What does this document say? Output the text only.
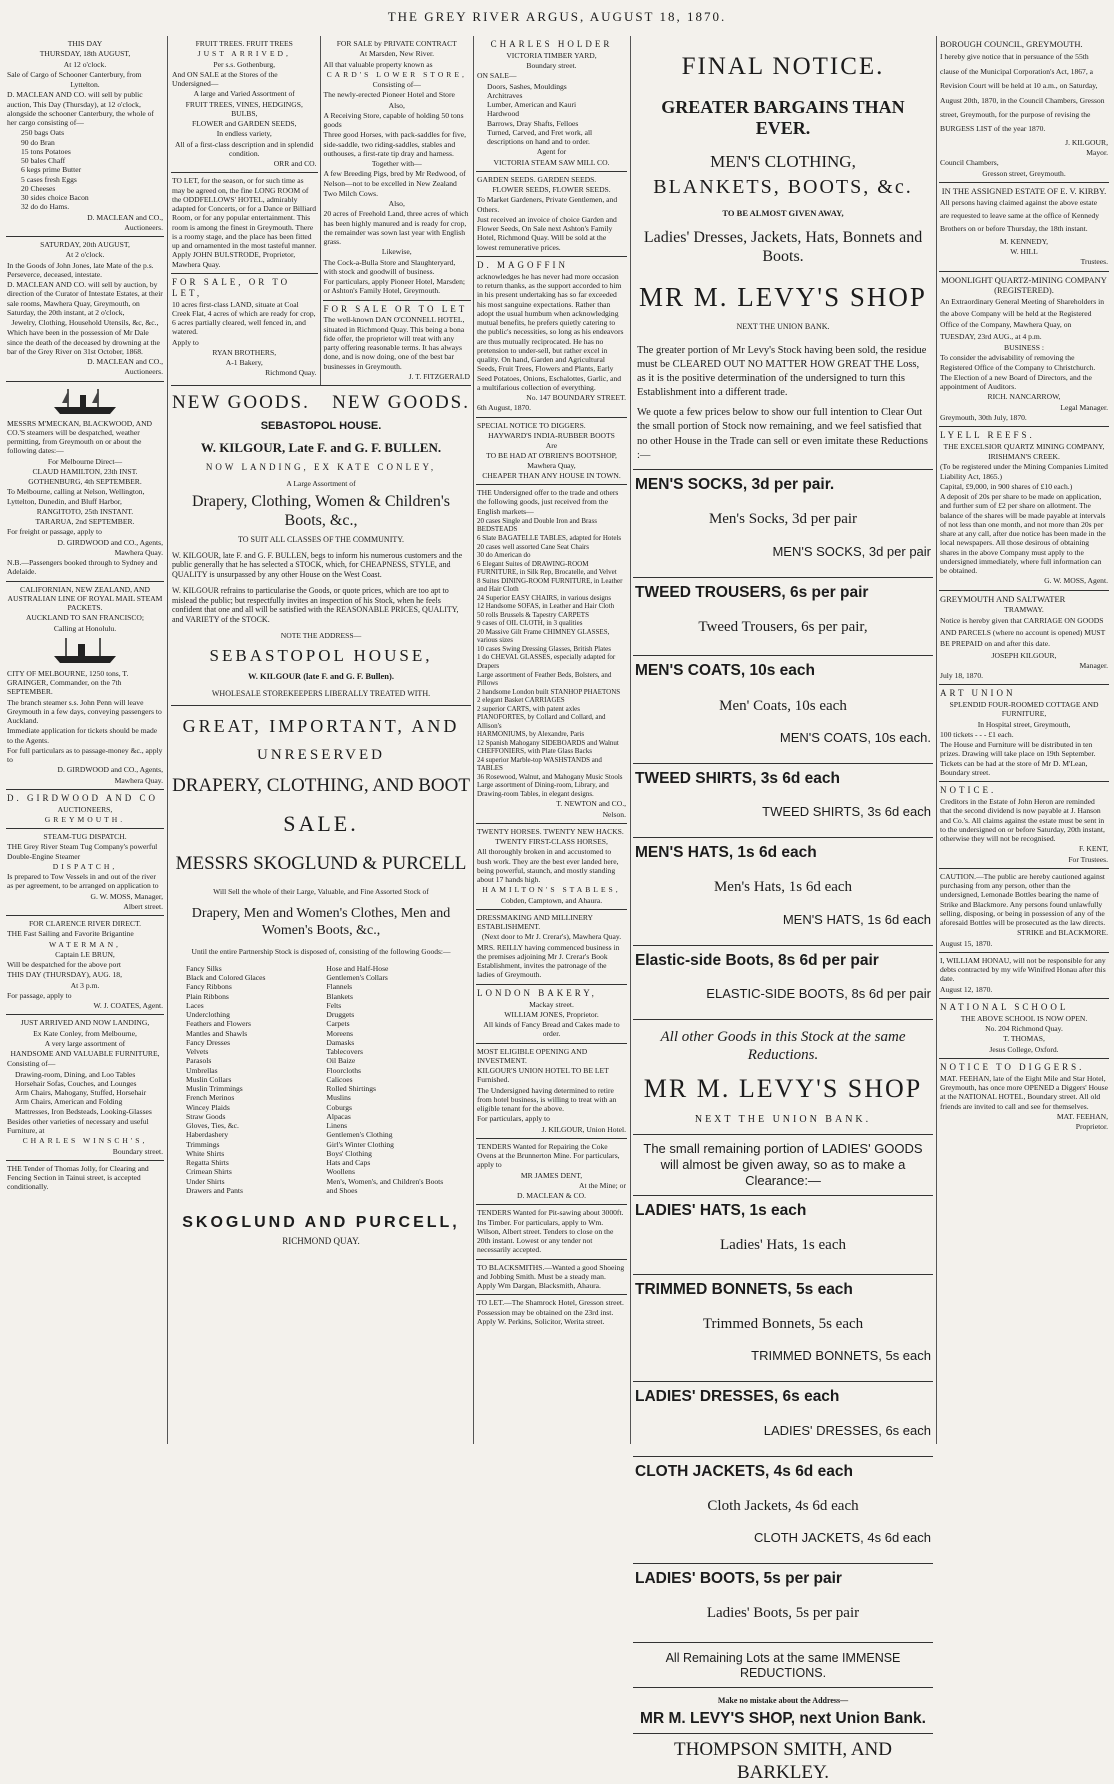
THE GREY RIVER ARGUS, AUGUST 18, 1870.

THIS DAY

THURSDAY, 18th AUGUST,

At 12 o'clock.

Sale of Cargo of Schooner Canterbury, from

Lyttelton.

D. MACLEAN AND CO. will sell by public auction, This Day (Thursday), at 12 o'clock, alongside the schooner Canterbury, the whole of her cargo consisting of—

250 bags Oats

90 do Bran

15 tons Potatoes

50 bales Chaff

6 kegs prime Butter

5 cases fresh Eggs

20 Cheeses

30 sides choice Bacon

32 do do Hams.

D. MACLEAN and CO.,

Auctioneers.

SATURDAY, 20th AUGUST,

At 2 o'clock.

In the Goods of John Jones, late Mate of the p.s. Perseverce, deceased, intestate.

D. MACLEAN AND CO. will sell by auction, by direction of the Curator of Intestate Estates, at their sale rooms, Mawhera Quay, Greymouth, on Saturday, the 20th instant, at 2 o'clock,

Jewelry, Clothing, Household Utensils, &c, &c.,

Which have been in the possession of Mr Dale since the death of the deceased by drowning at the bar of the Grey River on 31st October, 1868.

D. MACLEAN and CO.,

Auctioneers.

MESSRS M'MECKAN, BLACKWOOD, AND CO.'S steamers will be despatched, weather permitting, from Greymouth on or about the following dates:—

For Melbourne Direct—

CLAUD HAMILTON, 23th INST.

GOTHENBURG, 4th SEPTEMBER.

To Melbourne, calling at Nelson, Wellington, Lyttelton, Dunedin, and Bluff Harbor,

RANGITOTO, 25th INSTANT.

TARARUA, 2nd SEPTEMBER.

For freight or passage, apply to

D. GIRDWOOD and CO., Agents,

Mawhera Quay.

N.B.—Passengers booked through to Sydney and Adelaide.

CALIFORNIAN, NEW ZEALAND, AND AUSTRALIAN LINE OF ROYAL MAIL STEAM PACKETS.

AUCKLAND TO SAN FRANCISCO;

Calling at Honolulu.

CITY OF MELBOURNE, 1250 tons, T. GRAINGER, Commander, on the 7th SEPTEMBER.

The branch steamer s.s. John Penn will leave Greymouth in a few days, conveying passengers to Auckland.

Immediate application for tickets should be made to the Agents.

For full particulars as to passage-money &c., apply to

D. GIRDWOOD and CO., Agents,

Mawhera Quay.

D. GIRDWOOD AND CO

AUCTIONEERS,

GREYMOUTH.

STEAM-TUG DISPATCH.

THE Grey River Steam Tug Company's powerful Double-Engine Steamer

DISPATCH,

Is prepared to Tow Vessels in and out of the river as per agreement, to be arranged on application to

G. W. MOSS, Manager,

Albert street.

FOR CLARENCE RIVER DIRECT.

THE Fast Sailing and Favorite Brigantine

WATERMAN,

Captain LE BRUN,

Will be despatched for the above port

THIS DAY (THURSDAY), AUG. 18,

At 3 p.m.

For passage, apply to

W. J. COATES, Agent.

JUST ARRIVED AND NOW LANDING,

Ex Kate Conley, from Melbourne,

A very large assortment of

HANDSOME AND VALUABLE FURNITURE,

Consisting of—

Drawing-room, Dining, and Loo Tables

Horsehair Sofas, Couches, and Lounges

Arm Chairs, Mahogany, Stuffed, Horsehair

Arm Chairs, American and Folding

Mattresses, Iron Bedsteads, Looking-Glasses

Besides other varieties of necessary and useful Furniture, at

CHARLES WINSCH'S,

Boundary street.

THE Tender of Thomas Jolly, for Clearing and Fencing Section in Tainui street, is accepted conditionally.

FRUIT TREES. FRUIT TREES

JUST ARRIVED,

Per s.s. Gothenburg,

And ON SALE at the Stores of the Undersigned—

A large and Varied Assortment of

FRUIT TREES, VINES, HEDGINGS, BULBS,

FLOWER and GARDEN SEEDS,

In endless variety,

All of a first-class description and in splendid condition.

ORR and CO.

TO LET, for the season, or for such time as may be agreed on, the fine LONG ROOM of the ODDFELLOWS' HOTEL, admirably adapted for Concerts, or for a Dance or Billiard Room, or for any popular entertainment. This room is among the finest in Greymouth. There is a roomy stage, and the place has been fitted up and ornamented in the most tasteful manner. Apply JOHN BULSTRODE, Proprietor, Mawhera Quay.

FOR SALE, OR TO LET,

10 acres first-class LAND, situate at Coal Creek Flat, 4 acres of which are ready for crop, 6 acres partially cleared, well fenced in, and watered.

Apply to

RYAN BROTHERS,

A-1 Bakery,

Richmond Quay.

FOR SALE by PRIVATE CONTRACT

At Marsden, New River.

All that valuable property known as

CARD'S LOWER STORE,

Consisting of—

The newly-erected Pioneer Hotel and Store

Also,

A Receiving Store, capable of holding 50 tons goods

Three good Horses, with pack-saddles for five, side-saddle, two riding-saddles, stables and outhouses, a first-rate tip dray and harness.

Together with—

A few Breeding Pigs, bred by Mr Redwood, of Nelson—not to be excelled in New Zealand

Two Milch Cows.

Also,

20 acres of Freehold Land, three acres of which has been highly manured and is ready for crop, the remainder was sown last year with English grass.

Likewise,

The Cock-a-Bulla Store and Slaughteryard, with stock and goodwill of business.

For particulars, apply Pioneer Hotel, Marsden; or Ashton's Family Hotel, Greymouth.

FOR SALE OR TO LET

The well-known DAN O'CONNELL HOTEL, situated in Richmond Quay. This being a bona fide offer, the proprietor will treat with any party offering reasonable terms. It has always done, and is now doing, one of the best bar businesses in Greymouth.

J. T. FITZGERALD

NEW GOODS. NEW GOODS.

SEBASTOPOL HOUSE.

W. KILGOUR, Late F. and G. F. BULLEN.

NOW LANDING, EX KATE CONLEY,

A Large Assortment of

Drapery, Clothing, Women & Children's Boots, &c.,

TO SUIT ALL CLASSES OF THE COMMUNITY.

W. KILGOUR, late F. and G. F. BULLEN, begs to inform his numerous customers and the public generally that he has selected a STOCK, which, for CHEAPNESS, STYLE, and QUALITY is unsurpassed by any other House on the West Coast.

W. KILGOUR refrains to particularise the Goods, or quote prices, which are too apt to mislead the public; but respectfully invites an inspection of his Stock, when he feels confident that one and all will be satisfied with the REASONABLE PRICES, QUALITY, and VARIETY of the STOCK.

NOTE THE ADDRESS—

SEBASTOPOL HOUSE,

W. KILGOUR (late F. and G. F. Bullen).

WHOLESALE STOREKEEPERS LIBERALLY TREATED WITH.

GREAT, IMPORTANT, AND

UNRESERVED

DRAPERY, CLOTHING, AND BOOT

SALE.

MESSRS SKOGLUND & PURCELL

Will Sell the whole of their Large, Valuable, and Fine Assorted Stock of

Drapery, Men and Women's Clothes, Men and Women's Boots, &c.,

Until the entire Partnership Stock is disposed of, consisting of the following Goods:—

Fancy Silks

Black and Colored Glaces

Fancy Ribbons

Plain Ribbons

Laces

Underclothing

Feathers and Flowers

Mantles and Shawls

Fancy Dresses

Velvets

Parasols

Umbrellas

Muslin Collars

Muslin Trimmings

French Merinos

Wincey Plaids

Straw Goods

Gloves, Ties, &c.

Haberdashery

Trimmings

White Shirts

Regatta Shirts

Crimean Shirts

Under Shirts

Drawers and Pants

Hose and Half-Hose

Gentlemen's Collars

Flannels

Blankets

Felts

Druggets

Carpets

Moreens

Damasks

Tablecovers

Oil Baize

Floorcloths

Calicoes

Rolled Shirtings

Muslins

Coburgs

Alpacas

Linens

Gentlemen's Clothing

Girl's Winter Clothing

Boys' Clothing

Hats and Caps

Woollens

Men's, Women's, and Children's Boots and Shoes

SKOGLUND AND PURCELL,

RICHMOND QUAY.

CHARLES HOLDER

VICTORIA TIMBER YARD,

Boundary street.

ON SALE—

Doors, Sashes, Mouldings

Architraves

Lumber, American and Kauri

Hardwood

Barrows, Dray Shafts, Felloes

Turned, Carved, and Fret work, all descriptions on hand and to order.

Agent for

VICTORIA STEAM SAW MILL CO.

GARDEN SEEDS. GARDEN SEEDS.

FLOWER SEEDS, FLOWER SEEDS.

To Market Gardeners, Private Gentlemen, and Others.

Just received an invoice of choice Garden and Flower Seeds, On Sale next Ashton's Family Hotel, Richmond Quay. Will be sold at the lowest remunerative prices.

D. MAGOFFIN

acknowledges he has never had more occasion to return thanks, as the support accorded to him in his present undertaking has so far exceeded his most sanguine expectations. Rather than adopt the usual humbum when acknowledging mutual benefits, he prefers quietly catering to the public's necessities, so long as his endeavors are thus mutually reciprocated. He has no pretension to under-sell, but rather excel in quality. On hand, Garden and Agricultural Seeds, Fruit Trees, Flowers and Plants, Early Seed Potatoes, Onions, Eschalottes, Garlic, and a multifarious collection of everything.

No. 147 BOUNDARY STREET.

6th August, 1870.

SPECIAL NOTICE TO DIGGERS.

HAYWARD'S INDIA-RUBBER BOOTS

Are

TO BE HAD AT O'BRIEN'S BOOTSHOP, Mawhera Quay,

CHEAPER THAN ANY HOUSE IN TOWN.

THE Undersigned offer to the trade and others the following goods, just received from the English markets—

20 cases Single and Double Iron and Brass BEDSTEADS

6 Slate BAGATELLE TABLES, adapted for Hotels

20 cases well assorted Cane Seat Chairs

30 do American do

6 Elegant Suites of DRAWING-ROOM FURNITURE, in Silk Rep, Brocatelle, and Velvet

8 Suites DINING-ROOM FURNITURE, in Leather and Hair Cloth

24 Superior EASY CHAIRS, in various designs

12 Handsome SOFAS, in Leather and Hair Cloth

50 rolls Brussels & Tapestry CARPETS

9 cases of OIL CLOTH, in 3 qualities

20 Massive Gilt Frame CHIMNEY GLASSES, various sizes

10 cases Swing Dressing Glasses, British Plates

1 do CHEVAL GLASSES, especially adapted for Drapers

Large assortment of Feather Beds, Bolsters, and Pillows

2 handsome London built STANHOP PHAETONS

2 elegant Basket CARRIAGES

2 superior CARTS, with patent axles

PIANOFORTES, by Collard and Collard, and Allison's

HARMONIUMS, by Alexandre, Paris

12 Spanish Mahogany SIDEBOARDS and Walnut CHEFFONIERS, with Plate Glass Backs

24 superior Marble-top WASHSTANDS and TABLES

36 Rosewood, Walnut, and Mahogany Music Stools

Large assortment of Dining-room, Library, and Drawing-room Tables, in elegant designs.

T. NEWTON and CO.,

Nelson.

TWENTY HORSES. TWENTY NEW HACKS.

TWENTY FIRST-CLASS HORSES,

All thoroughly broken in and accustomed to bush work. They are the best ever landed here, being powerful, staunch, and mostly standing about 17 hands high.

HAMILTON'S STABLES,

Cobden, Camptown, and Ahaura.

DRESSMAKING AND MILLINERY ESTABLISHMENT.

(Next door to Mr J. Crerar's), Mawhera Quay.

MRS. REILLY having commenced business in the premises adjoining Mr J. Crerar's Book Establishment, invites the patronage of the ladies of Greymouth.

LONDON BAKERY,

Mackay street.

WILLIAM JONES, Proprietor.

All kinds of Fancy Bread and Cakes made to order.

MOST ELIGIBLE OPENING AND INVESTMENT.

KILGOUR'S UNION HOTEL TO BE LET Furnished.

The Undersigned having determined to retire from hotel business, is willing to treat with an eligible tenant for the above.

For particulars, apply to

J. KILGOUR, Union Hotel.

TENDERS Wanted for Repairing the Coke Ovens at the Brunnerton Mine. For particulars, apply to

MR JAMES DENT,

At the Mine; or

D. MACLEAN & CO.

TENDERS Wanted for Pit-sawing about 3000ft. Ins Timber. For particulars, apply to Wm. Wilson, Albert street. Tenders to close on the 20th instant. Lowest or any tender not necessarily accepted.

TO BLACKSMITHS.—Wanted a good Shoeing and Jobbing Smith. Must be a steady man. Apply Wm Dargan, Blacksmith, Ahaura.

TO LET.—The Shamrock Hotel, Gresson street. Possession may be obtained on the 23rd inst. Apply W. Perkins, Solicitor, Werita street.

FINAL NOTICE.

GREATER BARGAINS THAN EVER.

MEN'S CLOTHING,

BLANKETS, BOOTS, &c.

TO BE ALMOST GIVEN AWAY,

Ladies' Dresses, Jackets, Hats, Bonnets and Boots.

MR M. LEVY'S SHOP

NEXT THE UNION BANK.

The greater portion of Mr Levy's Stock having been sold, the residue must be CLEARED OUT NO MATTER HOW GREAT THE Loss, as it is the positive determination of the undersigned to turn this Establishment into a different trade.

We quote a few prices below to show our full intention to Clear Out the small portion of Stock now remaining, and we feel satisfied that no other House in the Trade can sell or even imitate these Reductions :—

MEN'S SOCKS, 3d per pair.

Men's Socks, 3d per pair

MEN'S SOCKS, 3d per pair

TWEED TROUSERS, 6s per pair

Tweed Trousers, 6s per pair,

MEN'S COATS, 10s each

Men' Coats, 10s each

MEN'S COATS, 10s each.

TWEED SHIRTS, 3s 6d each

TWEED SHIRTS, 3s 6d each

MEN'S HATS, 1s 6d each

Men's Hats, 1s 6d each

MEN'S HATS, 1s 6d each

Elastic-side Boots, 8s 6d per pair

ELASTIC-SIDE BOOTS, 8s 6d per pair

All other Goods in this Stock at the same Reductions.

MR M. LEVY'S SHOP

NEXT THE UNION BANK.

The small remaining portion of LADIES' GOODS will almost be given away, so as to make a Clearance:—

LADIES' HATS, 1s each

Ladies' Hats, 1s each

TRIMMED BONNETS, 5s each

Trimmed Bonnets, 5s each

TRIMMED BONNETS, 5s each

LADIES' DRESSES, 6s each

LADIES' DRESSES, 6s each

CLOTH JACKETS, 4s 6d each

Cloth Jackets, 4s 6d each

CLOTH JACKETS, 4s 6d each

LADIES' BOOTS, 5s per pair

Ladies' Boots, 5s per pair

All Remaining Lots at the same IMMENSE REDUCTIONS.

Make no mistake about the Address—

MR M. LEVY'S SHOP, next Union Bank.

THOMPSON SMITH, AND BARKLEY.

BOROUGH COUNCIL, GREYMOUTH.

I hereby give notice that in persuance of the 55th clause of the Municipal Corporation's Act, 1867, a Revision Court will be held at 10 a.m., on Saturday, August 20th, 1870, in the Council Chambers, Gresson street, Greymouth, for the purpose of revising the BURGESS LIST of the year 1870.

J. KILGOUR,

Mayor.

Council Chambers,

Gresson street, Greymouth.

IN THE ASSIGNED ESTATE OF E. V. KIRBY.

All persons having claimed against the above estate are requested to leave same at the office of Kennedy Brothers on or before Thursday, the 18th instant.

M. KENNEDY,

W. HILL

Trustees.

MOONLIGHT QUARTZ-MINING COMPANY (REGISTERED).

An Extraordinary General Meeting of Shareholders in the above Company will be held at the Registered Office of the Company, Mawhera Quay, on TUESDAY, 23rd AUG., at 4 p.m.

BUSINESS :

To consider the advisability of removing the Registered Office of the Company to Christchurch.

The Election of a new Board of Directors, and the appointment of Auditors.

RICH. NANCARROW,

Legal Manager.

Greymouth, 30th July, 1870.

LYELL REEFS.

THE EXCELSIOR QUARTZ MINING COMPANY,

IRISHMAN'S CREEK.

(To be registered under the Mining Companies Limited Liability Act, 1865.)

Capital, £9,000, in 900 shares of £10 each.)

A deposit of 20s per share to be made on application, and further sum of £2 per share on allotment. The balance of the shares will be made payable at intervals of not less than one month, and not more than 20s per share at any call, after due notice has been made in the local newspapers. All those desirous of obtaining shares in the above Company must apply to the undersigned immediately, where full information can be obtained.

G. W. MOSS, Agent.

GREYMOUTH AND SALTWATER

TRAMWAY.

Notice is hereby given that CARRIAGE ON GOODS AND PARCELS (where no account is opened) MUST BE PREPAID on and after this date.

JOSEPH KILGOUR,

Manager.

July 18, 1870.

ART UNION

SPLENDID FOUR-ROOMED COTTAGE AND FURNITURE,

In Hospital street, Greymouth,

100 tickets - - - £1 each.

The House and Furniture will be distributed in ten prizes. Drawing will take place on 19th September. Tickets can be had at the store of Mr D. M'Lean, Boundary street.

NOTICE.

Creditors in the Estate of John Heron are reminded that the second dividend is now payable at J. Hanson and Co.'s. All claims against the estate must be sent in to the undersigned on or before Saturday, 20th instant, otherwise they will not be recognised.

F. KENT,

For Trustees.

CAUTION.—The public are hereby cautioned against purchasing from any person, other than the undersigned, Lemonade Bottles bearing the name of Strike and Blackmore. Any persons found unlawfully selling, disposing, or being in possession of any of the aforesaid Bottles will be prosecuted as the law directs.

STRIKE and BLACKMORE.

August 15, 1870.

I, WILLIAM HONAU, will not be responsible for any debts contracted by my wife Winifred Honau after this date.

August 12, 1870.

NATIONAL SCHOOL

THE ABOVE SCHOOL IS NOW OPEN.

No. 204 Richmond Quay.

T. THOMAS,

Jesus College, Oxford.

NOTICE TO DIGGERS.

MAT. FEEHAN, late of the Eight Mile and Star Hotel, Greymouth, has once more OPENED a Diggers' House at the NATIONAL HOTEL, Boundary street. All old friends are invited to call and see for themselves.

MAT. FEEHAN,

Proprietor.
